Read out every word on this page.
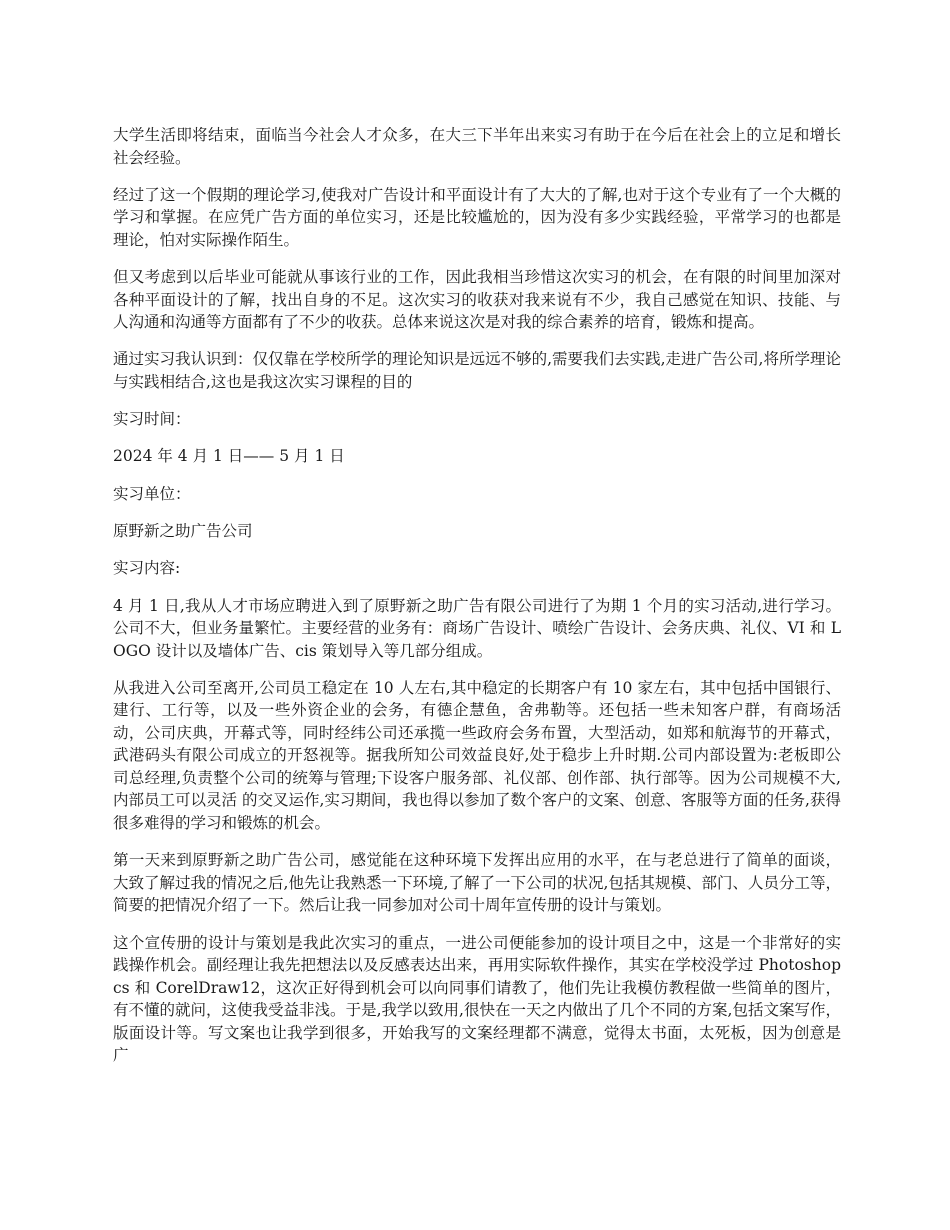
大学生活即将结束，面临当今社会人才众多，在大三下半年出来实习有助于在今后在社会上的立足和增长社会经验。

经过了这一个假期的理论学习,使我对广告设计和平面设计有了大大的了解,也对于这个专业有了一个大概的学习和掌握。在应凭广告方面的单位实习，还是比较尴尬的，因为没有多少实践经验，平常学习的也都是理论，怕对实际操作陌生。

但又考虑到以后毕业可能就从事该行业的工作，因此我相当珍惜这次实习的机会，在有限的时间里加深对各种平面设计的了解，找出自身的不足。这次实习的收获对我来说有不少，我自己感觉在知识、技能、与人沟通和沟通等方面都有了不少的收获。总体来说这次是对我的综合素养的培育，锻炼和提高。

通过实习我认识到：仅仅靠在学校所学的理论知识是远远不够的,需要我们去实践,走进广告公司,将所学理论与实践相结合,这也是我这次实习课程的目的

实习时间：

2024 年 4 月 1 日—— 5 月 1 日

实习单位：

原野新之助广告公司

实习内容:

4 月 1 日,我从人才市场应聘进入到了原野新之助广告有限公司进行了为期 1 个月的实习活动,进行学习。公司不大，但业务量繁忙。主要经营的业务有：商场广告设计、喷绘广告设计、会务庆典、礼仪、VI 和 LOGO 设计以及墙体广告、cis 策划导入等几部分组成。

从我进入公司至离开,公司员工稳定在 10 人左右,其中稳定的长期客户有 10 家左右，其中包括中国银行、建行、工行等，以及一些外资企业的会务，有德企慧鱼，舍弗勒等。还包括一些未知客户群，有商场活动，公司庆典，开幕式等，同时经纬公司还承揽一些政府会务布置，大型活动，如郑和航海节的开幕式，武港码头有限公司成立的开怒视等。据我所知公司效益良好,处于稳步上升时期.公司内部设置为:老板即公司总经理,负责整个公司的统筹与管理;下设客户服务部、礼仪部、创作部、执行部等。因为公司规模不大,内部员工可以灵活 的交叉运作,实习期间，我也得以参加了数个客户的文案、创意、客服等方面的任务,获得很多难得的学习和锻炼的机会。

第一天来到原野新之助广告公司，感觉能在这种环境下发挥出应用的水平，在与老总进行了简单的面谈，大致了解过我的情况之后,他先让我熟悉一下环境,了解了一下公司的状况,包括其规模、部门、人员分工等，简要的把情况介绍了一下。然后让我一同参加对公司十周年宣传册的设计与策划。

这个宣传册的设计与策划是我此次实习的重点，一进公司便能参加的设计项目之中，这是一个非常好的实践操作机会。副经理让我先把想法以及反感表达出来，再用实际软件操作，其实在学校没学过 Photoshop cs 和 CorelDraw12，这次正好得到机会可以向同事们请教了，他们先让我模仿教程做一些简单的图片，有不懂的就问，这使我受益非浅。于是,我学以致用,很快在一天之内做出了几个不同的方案,包括文案写作，版面设计等。写文案也让我学到很多，开始我写的文案经理都不满意，觉得太书面，太死板，因为创意是广
